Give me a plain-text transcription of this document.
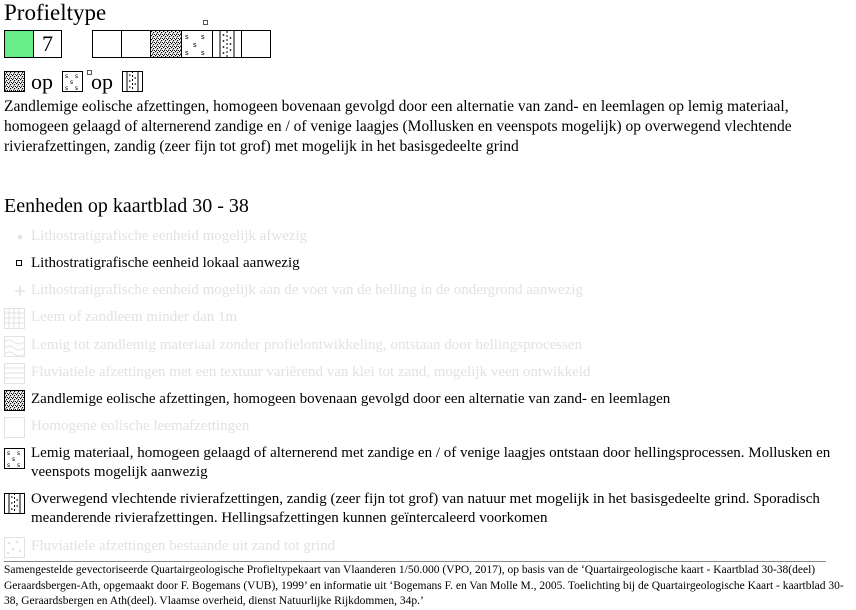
Profieltype
7	s s
s
s s
op s s
s
s s op
Zandlemige eolische afzettingen, homogeen bovenaan gevolgd door een alternatie van zand- en leemlagen op lemig materiaal, homogeen gelaagd of alternerend zandige en / of venige laagjes (Mollusken en veenspots mogelijk) op overwegend vlechtende rivierafzettingen, zandig (zeer fijn tot grof) met mogelijk in het basisgedeelte grind
Eenheden op kaartblad 30 - 38
Lithostratigrafische eenheid mogelijk afwezig
Lithostratigrafische eenheid lokaal aanwezig
Lithostratigrafische eenheid mogelijk aan de voet van de helling in de ondergrond aanwezig
Leem of zandleem minder dan 1m
Lemig tot zandlemig materiaal zonder profielontwikkeling, ontstaan door hellingsprocessen
Fluviatiele afzettingen met een textuur variërend van klei tot zand, mogelijk veen ontwikkeld
Zandlemige eolische afzettingen, homogeen bovenaan gevolgd door een alternatie van zand- en leemlagen
Homogene eolische leemafzettingen
s s
s
s s
Lemig materiaal, homogeen gelaagd of alternerend met zandige en / of venige laagjes ontstaan door hellingsprocessen. Mollusken en veenspots mogelijk aanwezig
Overwegend vlechtende rivierafzettingen, zandig (zeer fijn tot grof) van natuur met mogelijk in het basisgedeelte grind. Sporadisch meanderende rivierafzettingen. Hellingsafzettingen kunnen geïntercaleerd voorkomen
Fluviatiele afzettingen bestaande uit zand tot grind
Samengestelde gevectoriseerde Quartairgeologische Profieltypekaart van Vlaanderen 1/50.000 (VPO, 2017), op basis van de ‘Quartairgeologische kaart - Kaartblad 30-38(deel) Geraardsbergen-Ath, opgemaakt door F. Bogemans (VUB), 1999’ en informatie uit ‘Bogemans F. en Van Molle M., 2005. Toelichting bij de Quartairgeologische Kaart - kaartblad 30-38, Geraardsbergen en Ath(deel). Vlaamse overheid, dienst Natuurlijke Rijkdommen, 34p.’
